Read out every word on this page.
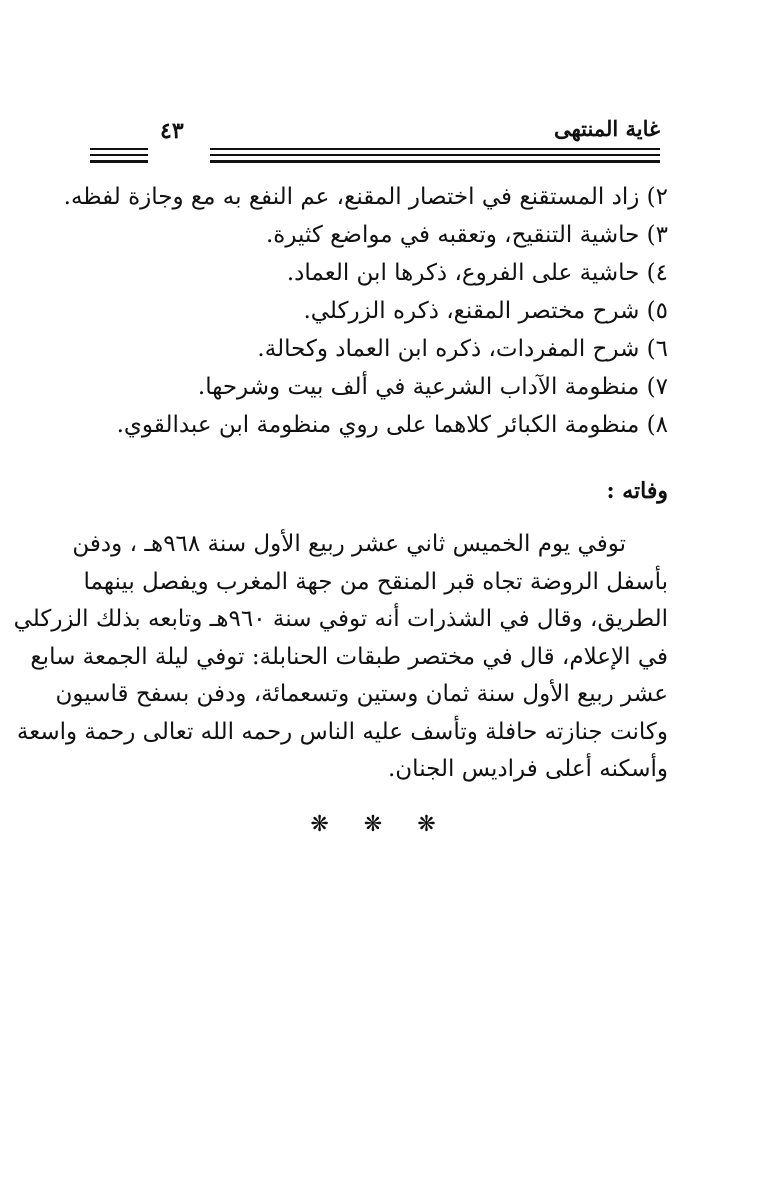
غاية المنتهى
٤٣
٢) زاد المستقنع في اختصار المقنع، عم النفع به مع وجازة لفظه.
٣) حاشية التنقيح، وتعقبه في مواضع كثيرة.
٤) حاشية على الفروع، ذكرها ابن العماد.
٥) شرح مختصر المقنع، ذكره الزركلي.
٦) شرح المفردات، ذكره ابن العماد وكحالة.
٧) منظومة الآداب الشرعية في ألف بيت وشرحها.
٨) منظومة الكبائر كلاهما على روي منظومة ابن عبدالقوي.
وفاته :
توفي يوم الخميس ثاني عشر ربيع الأول سنة ٩٦٨هـ ، ودفن
بأسفل الروضة تجاه قبر المنقح من جهة المغرب ويفصل بينهما
الطريق، وقال في الشذرات أنه توفي سنة ٩٦٠هـ وتابعه بذلك الزركلي
في الإعلام، قال في مختصر طبقات الحنابلة: توفي ليلة الجمعة سابع
عشر ربيع الأول سنة ثمان وستين وتسعمائة، ودفن بسفح قاسيون
وكانت جنازته حافلة وتأسف عليه الناس رحمه الله تعالى رحمة واسعة
وأسكنه أعلى فراديس الجنان.
❋ ❋ ❋
